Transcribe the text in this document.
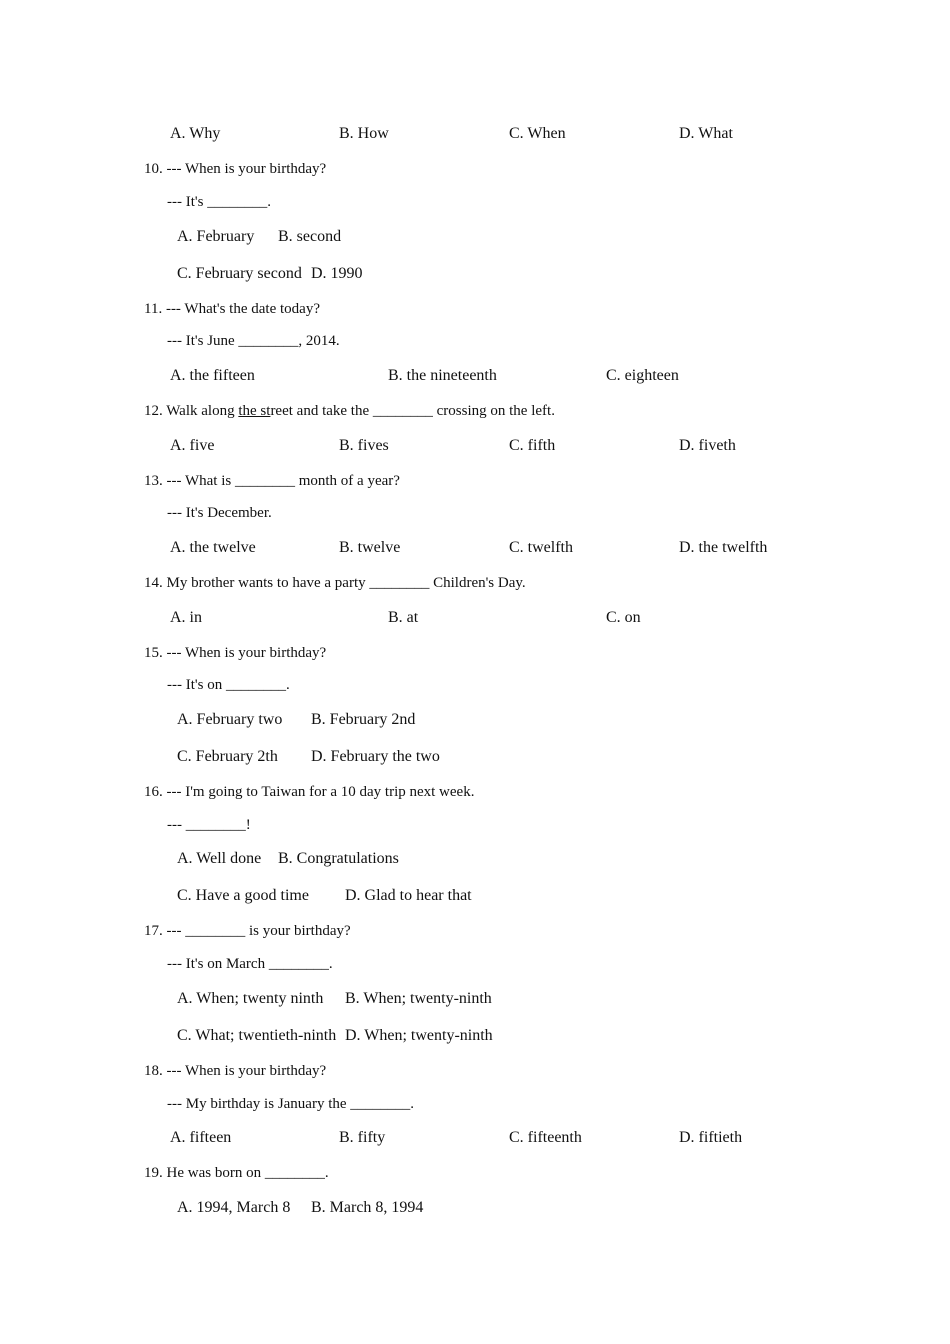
A. Why	B. How	C. When	D. What
10. --- When is your birthday?
--- It's ________.
A. February B. second
C. February second D. 1990
11. --- What's the date today?
--- It's June ________, 2014.
A. the fifteen	B. the nineteenth	C. eighteen
12. Walk along the street and take the ________ crossing on the left.
A. five	B. fives	C. fifth	D. fiveth
13. --- What is ________ month of a year?
--- It's December.
A. the twelve	B. twelve	C. twelfth	D. the twelfth
14. My brother wants to have a party ________ Children's Day.
A. in	B. at	C. on
15. --- When is your birthday?
--- It's on ________.
A. February two B. February 2nd
C. February 2th D. February the two
16. --- I'm going to Taiwan for a 10 day trip next week.
--- ________!
A. Well done B. Congratulations
C. Have a good time D. Glad to hear that
17. --- ________ is your birthday?
--- It's on March ________.
A. When; twenty ninth B. When; twenty-ninth
C. What; twentieth-ninth D. When; twenty-ninth
18. --- When is your birthday?
--- My birthday is January the ________.
A. fifteen	B. fifty	C. fifteenth	D. fiftieth
19. He was born on ________.
A. 1994, March 8 B. March 8, 1994
